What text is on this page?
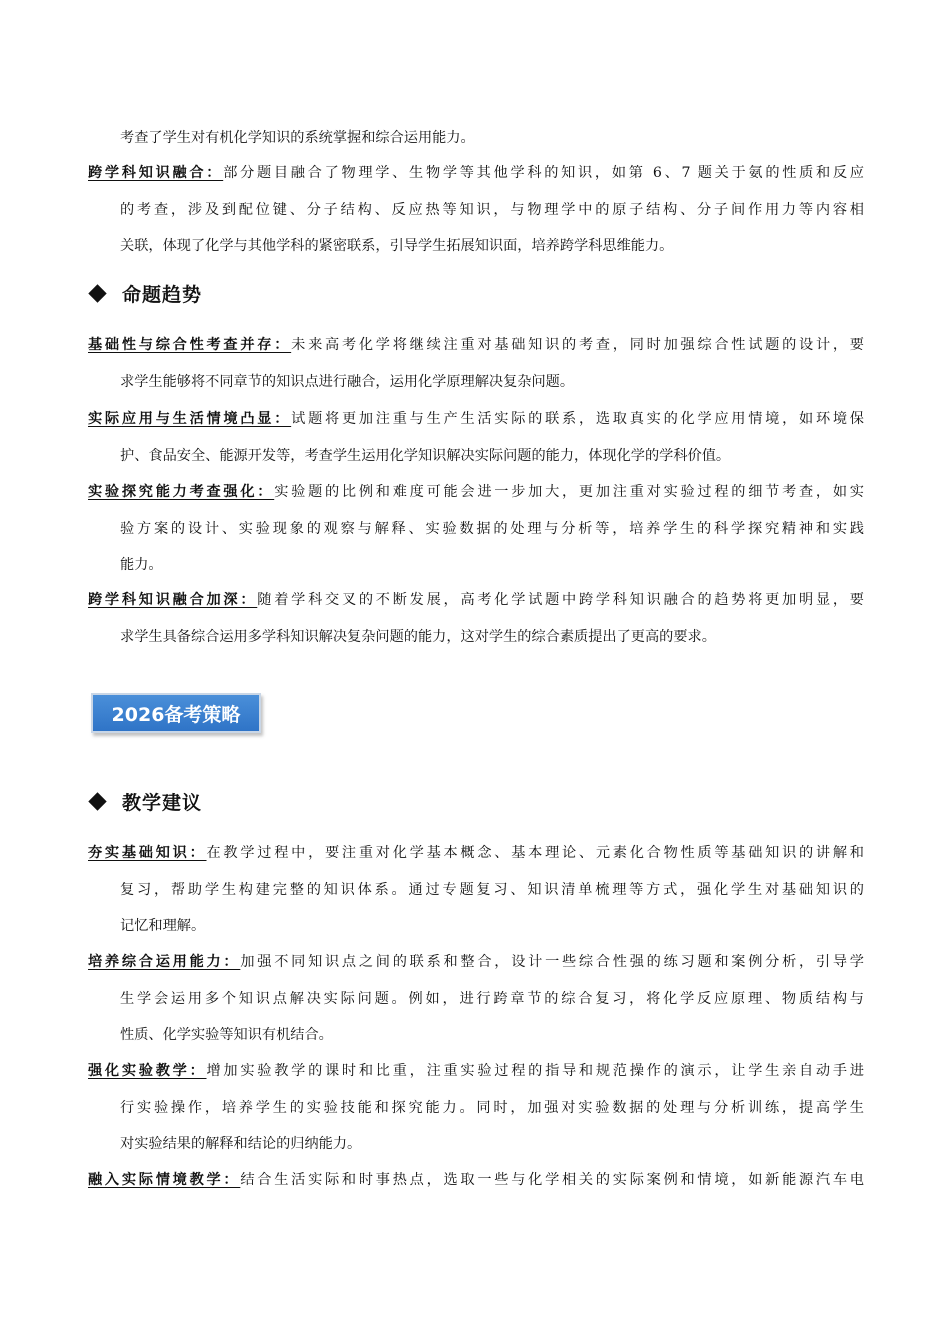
考查了学生对有机化学知识的系统掌握和综合运用能力。
跨学科知识融合：部分题目融合了物理学、生物学等其他学科的知识，如第 6、7 题关于氨的性质和反应
的考查，涉及到配位键、分子结构、反应热等知识，与物理学中的原子结构、分子间作用力等内容相
关联，体现了化学与其他学科的紧密联系，引导学生拓展知识面，培养跨学科思维能力。
命题趋势
基础性与综合性考查并存：未来高考化学将继续注重对基础知识的考查，同时加强综合性试题的设计，要
求学生能够将不同章节的知识点进行融合，运用化学原理解决复杂问题。
实际应用与生活情境凸显：试题将更加注重与生产生活实际的联系，选取真实的化学应用情境，如环境保
护、食品安全、能源开发等，考查学生运用化学知识解决实际问题的能力，体现化学的学科价值。
实验探究能力考查强化：实验题的比例和难度可能会进一步加大，更加注重对实验过程的细节考查，如实
验方案的设计、实验现象的观察与解释、实验数据的处理与分析等，培养学生的科学探究精神和实践
能力。
跨学科知识融合加深：随着学科交叉的不断发展，高考化学试题中跨学科知识融合的趋势将更加明显，要
求学生具备综合运用多学科知识解决复杂问题的能力，这对学生的综合素质提出了更高的要求。
2026备考策略
教学建议
夯实基础知识：在教学过程中，要注重对化学基本概念、基本理论、元素化合物性质等基础知识的讲解和
复习，帮助学生构建完整的知识体系。通过专题复习、知识清单梳理等方式，强化学生对基础知识的
记忆和理解。
培养综合运用能力：加强不同知识点之间的联系和整合，设计一些综合性强的练习题和案例分析，引导学
生学会运用多个知识点解决实际问题。例如，进行跨章节的综合复习，将化学反应原理、物质结构与
性质、化学实验等知识有机结合。
强化实验教学：增加实验教学的课时和比重，注重实验过程的指导和规范操作的演示，让学生亲自动手进
行实验操作，培养学生的实验技能和探究能力。同时，加强对实验数据的处理与分析训练，提高学生
对实验结果的解释和结论的归纳能力。
融入实际情境教学：结合生活实际和时事热点，选取一些与化学相关的实际案例和情境，如新能源汽车电
